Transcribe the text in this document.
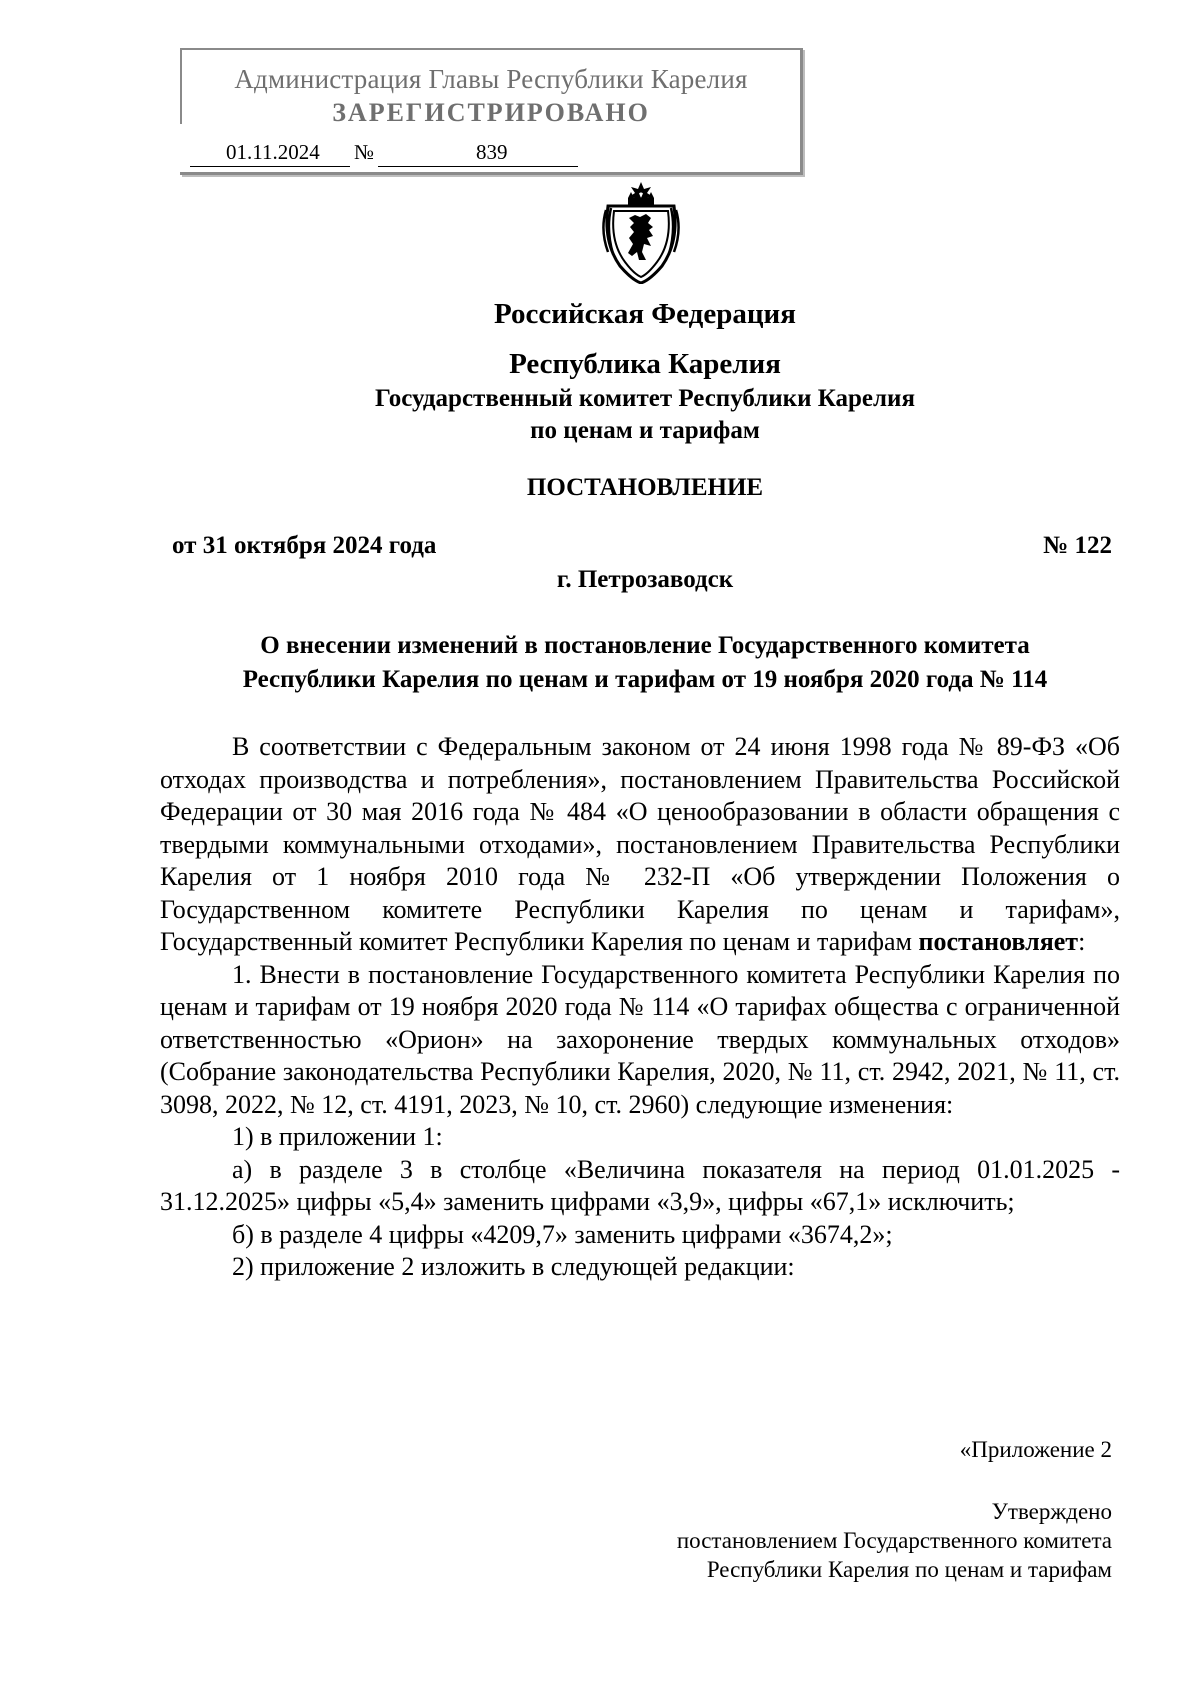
Администрация Главы Республики Карелия
ЗАРЕГИСТРИРОВАНО
01.11.2024 №	839
Российская Федерация
Республика Карелия
Государственный комитет Республики Карелия
по ценам и тарифам
ПОСТАНОВЛЕНИЕ
от 31 октября 2024 года	№ 122
г. Петрозаводск
О внесении изменений в постановление Государственного комитета
Республики Карелия по ценам и тарифам от 19 ноября 2020 года № 114

В соответствии с Федеральным законом от 24 июня 1998 года № 89-ФЗ «Об отходах производства и потребления», постановлением Правительства Российской Федерации от 30 мая 2016 года № 484 «О ценообразовании в области обращения с твердыми коммунальными отходами», постановлением Правительства Республики Карелия от 1 ноября 2010 года № 232-П «Об утверждении Положения о Государственном комитете Республики Карелия по ценам и тарифам», Государственный комитет Республики Карелия по ценам и тарифам постановляет:

1. Внести в постановление Государственного комитета Республики Карелия по ценам и тарифам от 19 ноября 2020 года № 114 «О тарифах общества с ограниченной ответственностью «Орион» на захоронение твердых коммунальных отходов» (Собрание законодательства Республики Карелия, 2020, № 11, ст. 2942, 2021, № 11, ст. 3098, 2022, № 12, ст. 4191, 2023, № 10, ст. 2960) следующие изменения:

1) в приложении 1:

а) в разделе 3 в столбце «Величина показателя на период 01.01.2025 - 31.12.2025» цифры «5,4» заменить цифрами «3,9», цифры «67,1» исключить;

б) в разделе 4 цифры «4209,7» заменить цифрами «3674,2»;

2) приложение 2 изложить в следующей редакции:

«Приложение 2
Утверждено
постановлением Государственного комитета
Республики Карелия по ценам и тарифам
